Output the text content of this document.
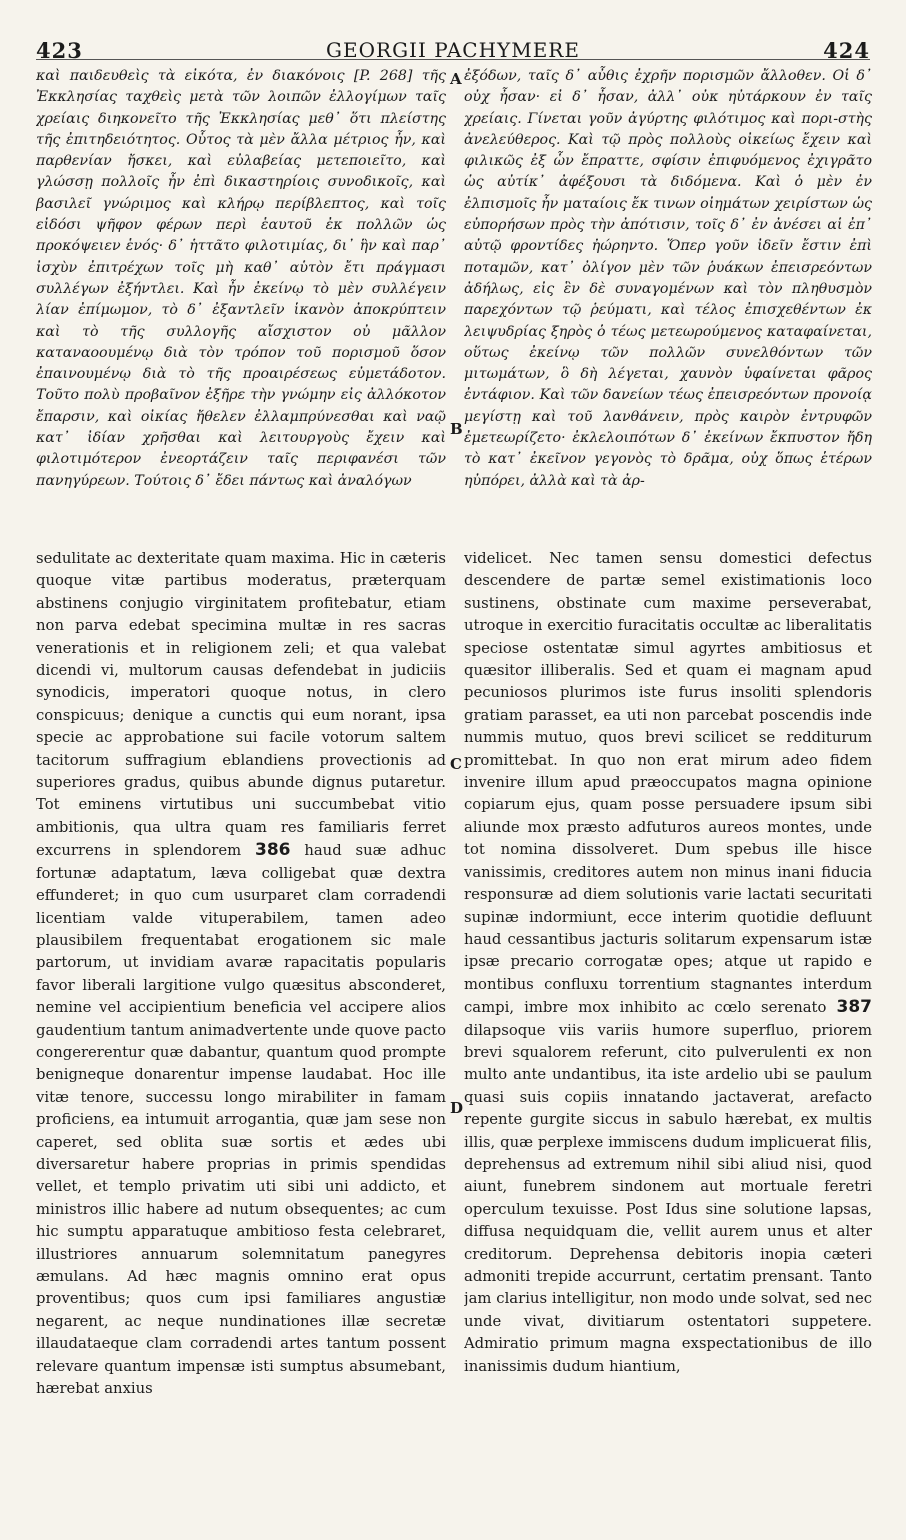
423	GEORGII PACHYMERE	424
καὶ παιδευθεὶς τὰ εἰκότα, ἐν διακόνοις [P. 268] τῆς Ἐκκλησίας ταχθεὶς μετὰ τῶν λοιπῶν ἐλλογίμων ταῖς χρείαις διηκονεῖτο τῆς Ἐκκλησίας μεθ᾽ ὅτι πλείστης τῆς ἐπιτηδειότητος. Οὗτος τὰ μὲν ἄλλα μέτριος ἦν, καὶ παρθενίαν ἤσκει, καὶ εὐλαβείας μετεποιεῖτο, καὶ γλώσσῃ πολλοῖς ἦν ἐπὶ δικαστηρίοις συνοδικοῖς, καὶ βασιλεῖ γνώριμος καὶ κλήρῳ περίβλεπτος, καὶ τοῖς εἰδόσι ψῆφον φέρων περὶ ἑαυτοῦ ἐκ πολλῶν ὡς προκόψειεν ἑνός· δ᾽ ἡττᾶτο φιλοτιμίας, δι᾽ ἣν καὶ παρ᾽ ἰσχὺν ἐπιτρέχων τοῖς μὴ καθ᾽ αὑτὸν ἔτι πράγμασι συλλέγων ἐξήντλει. Καὶ ἦν ἐκείνῳ τὸ μὲν συλλέγειν λίαν ἐπίμωμον, τὸ δ᾽ ἐξαντλεῖν ἱκανὸν ἀποκρύπτειν καὶ τὸ τῆς συλλογῆς αἴσχιστον οὐ μᾶλλον καταναοουμένῳ διὰ τὸν τρόπον τοῦ πορισμοῦ ὅσον ἐπαινουμένῳ διὰ τὸ τῆς προαιρέσεως εὐμετάδοτον. Τοῦτο πολὺ προβαῖνον ἐξῆρε τὴν γνώμην εἰς ἀλλόκοτον ἔπαρσιν, καὶ οἰκίας ἤθελεν ἐλλαμπρύνεσθαι καὶ ναῷ κατ᾽ ἰδίαν χρῆσθαι καὶ λειτουργοὺς ἔχειν καὶ φιλοτιμότερον ἐνεορτάζειν ταῖς περιφανέσι τῶν πανηγύρεων. Τούτοις δ᾽ ἔδει πάντως καὶ ἀναλόγων
ἐξόδων, ταῖς δ᾽ αὖθις ἐχρῆν πορισμῶν ἄλλοθεν. Οἱ δ᾽ οὐχ ἦσαν· εἰ δ᾽ ἦσαν, ἀλλ᾽ οὐκ ηὐτάρκουν ἐν ταῖς χρείαις. Γίνεται γοῦν ἀγύρτης φιλότιμος καὶ πορι-στὴς ἀνελεύθερος. Καὶ τῷ πρὸς πολλοὺς οἰκείως ἔχειν καὶ φιλικῶς ἐξ ὧν ἔπραττε, σφίσιν ἐπιφυόμενος ἐχιγρᾶτο ὡς αὐτίκ᾽ ἀφέξουσι τὰ διδόμενα. Καὶ ὁ μὲν ἐν ἐλπισμοῖς ἦν ματαίοις ἔκ τινων οἰημάτων χειρίστων ὡς εὐπορήσων πρὸς τὴν ἀπότισιν, τοῖς δ᾽ ἐν ἀνέσει αἱ ἐπ᾽ αὐτῷ φροντίδες ἠώρηντο. Ὅπερ γοῦν ἰδεῖν ἔστιν ἐπὶ ποταμῶν, κατ᾽ ὀλίγον μὲν τῶν ῥυάκων ἐπεισρεόντων ἀδήλως, εἰς ἓν δὲ συναγομένων καὶ τὸν πληθυσμὸν παρεχόντων τῷ ῥεύματι, καὶ τέλος ἐπισχεθέντων ἐκ λειψυδρίας ξηρὸς ὁ τέως μετεωρούμενος καταφαίνεται, οὕτως ἐκείνῳ τῶν πολλῶν συνελθόντων τῶν μιτωμάτων, ὃ δὴ λέγεται, χαυνὸν ὑφαίνεται φᾶρος ἐντάφιον. Καὶ τῶν δανείων τέως ἐπεισρεόντων προνοίᾳ μεγίστῃ καὶ τοῦ λανθάνειν, πρὸς καιρὸν ἐντρυφῶν ἐμετεωρίζετο· ἐκλελοιπότων δ᾽ ἐκείνων ἔκπυστον ἤδη τὸ κατ᾽ ἐκεῖνον γεγονὸς τὸ δρᾶμα, οὐχ ὅπως ἑτέρων ηὐπόρει, ἀλλὰ καὶ τὰ ἀρ-
A
B
C
D
sedulitate ac dexteritate quam maxima. Hic in cæteris quoque vitæ partibus moderatus, præterquam abstinens conjugio virginitatem profitebatur, etiam non parva edebat specimina multæ in res sacras venerationis et in religionem zeli; et qua valebat dicendi vi, multorum causas defendebat in judiciis synodicis, imperatori quoque notus, in clero conspicuus; denique a cunctis qui eum norant, ipsa specie ac approbatione sui facile votorum saltem tacitorum suffragium eblandiens provectionis ad superiores gradus, quibus abunde dignus putaretur. Tot eminens virtutibus uni succumbebat vitio ambitionis, qua ultra quam res familiaris ferret excurrens in splendorem 386 haud suæ adhuc fortunæ adaptatum, læva colligebat quæ dextra effunderet; in quo cum usurparet clam corradendi licentiam valde vituperabilem, tamen adeo plausibilem frequentabat erogationem sic male partorum, ut invidiam avaræ rapacitatis popularis favor liberali largitione vulgo quæsitus absconderet, nemine vel accipientium beneficia vel accipere alios gaudentium tantum animadvertente unde quove pacto congererentur quæ dabantur, quantum quod prompte benigneque donarentur impense laudabat. Hoc ille vitæ tenore, successu longo mirabiliter in famam proficiens, ea intumuit arrogantia, quæ jam sese non caperet, sed oblita suæ sortis et ædes ubi diversaretur habere proprias in primis spendidas vellet, et templo privatim uti sibi uni addicto, et ministros illic habere ad nutum obsequentes; ac cum hic sumptu apparatuque ambitioso festa celebraret, illustriores annuarum solemnitatum panegyres æmulans. Ad hæc magnis omnino erat opus proventibus; quos cum ipsi familiares angustiæ negarent, ac neque nundinationes illæ secretæ illaudataeque clam corradendi artes tantum possent relevare quantum impensæ isti sumptus absumebant, hærebat anxius
videlicet. Nec tamen sensu domestici defectus descendere de partæ semel existimationis loco sustinens, obstinate cum maxime perseverabat, utroque in exercitio furacitatis occultæ ac liberalitatis speciose ostentatæ simul agyrtes ambitiosus et quæsitor illiberalis. Sed et quam ei magnam apud pecuniosos plurimos iste furus insoliti splendoris gratiam parasset, ea uti non parcebat poscendis inde nummis mutuo, quos brevi scilicet se redditurum promittebat. In quo non erat mirum adeo fidem invenire illum apud præoccupatos magna opinione copiarum ejus, quam posse persuadere ipsum sibi aliunde mox præsto adfuturos aureos montes, unde tot nomina dissolveret. Dum spebus ille hisce vanissimis, creditores autem non minus inani fiducia responsuræ ad diem solutionis varie lactati securitati supinæ indormiunt, ecce interim quotidie defluunt haud cessantibus jacturis solitarum expensarum istæ ipsæ precario corrogatæ opes; atque ut rapido e montibus confluxu torrentium stagnantes interdum campi, imbre mox inhibito ac cœlo serenato 387 dilapsoque viis variis humore superfluo, priorem brevi squalorem referunt, cito pulverulenti ex non multo ante undantibus, ita iste ardelio ubi se paulum quasi suis copiis innatando jactaverat, arefacto repente gurgite siccus in sabulo hærebat, ex multis illis, quæ perplexe immiscens dudum implicuerat filis, deprehensus ad extremum nihil sibi aliud nisi, quod aiunt, funebrem sindonem aut mortuale feretri operculum texuisse. Post Idus sine solutione lapsas, diffusa nequidquam die, vellit aurem unus et alter creditorum. Deprehensa debitoris inopia cæteri admoniti trepide accurrunt, certatim prensant. Tanto jam clarius intelligitur, non modo unde solvat, sed nec unde vivat, divitiarum ostentatori suppetere. Admiratio primum magna exspectationibus de illo inanissimis dudum hiantium,
